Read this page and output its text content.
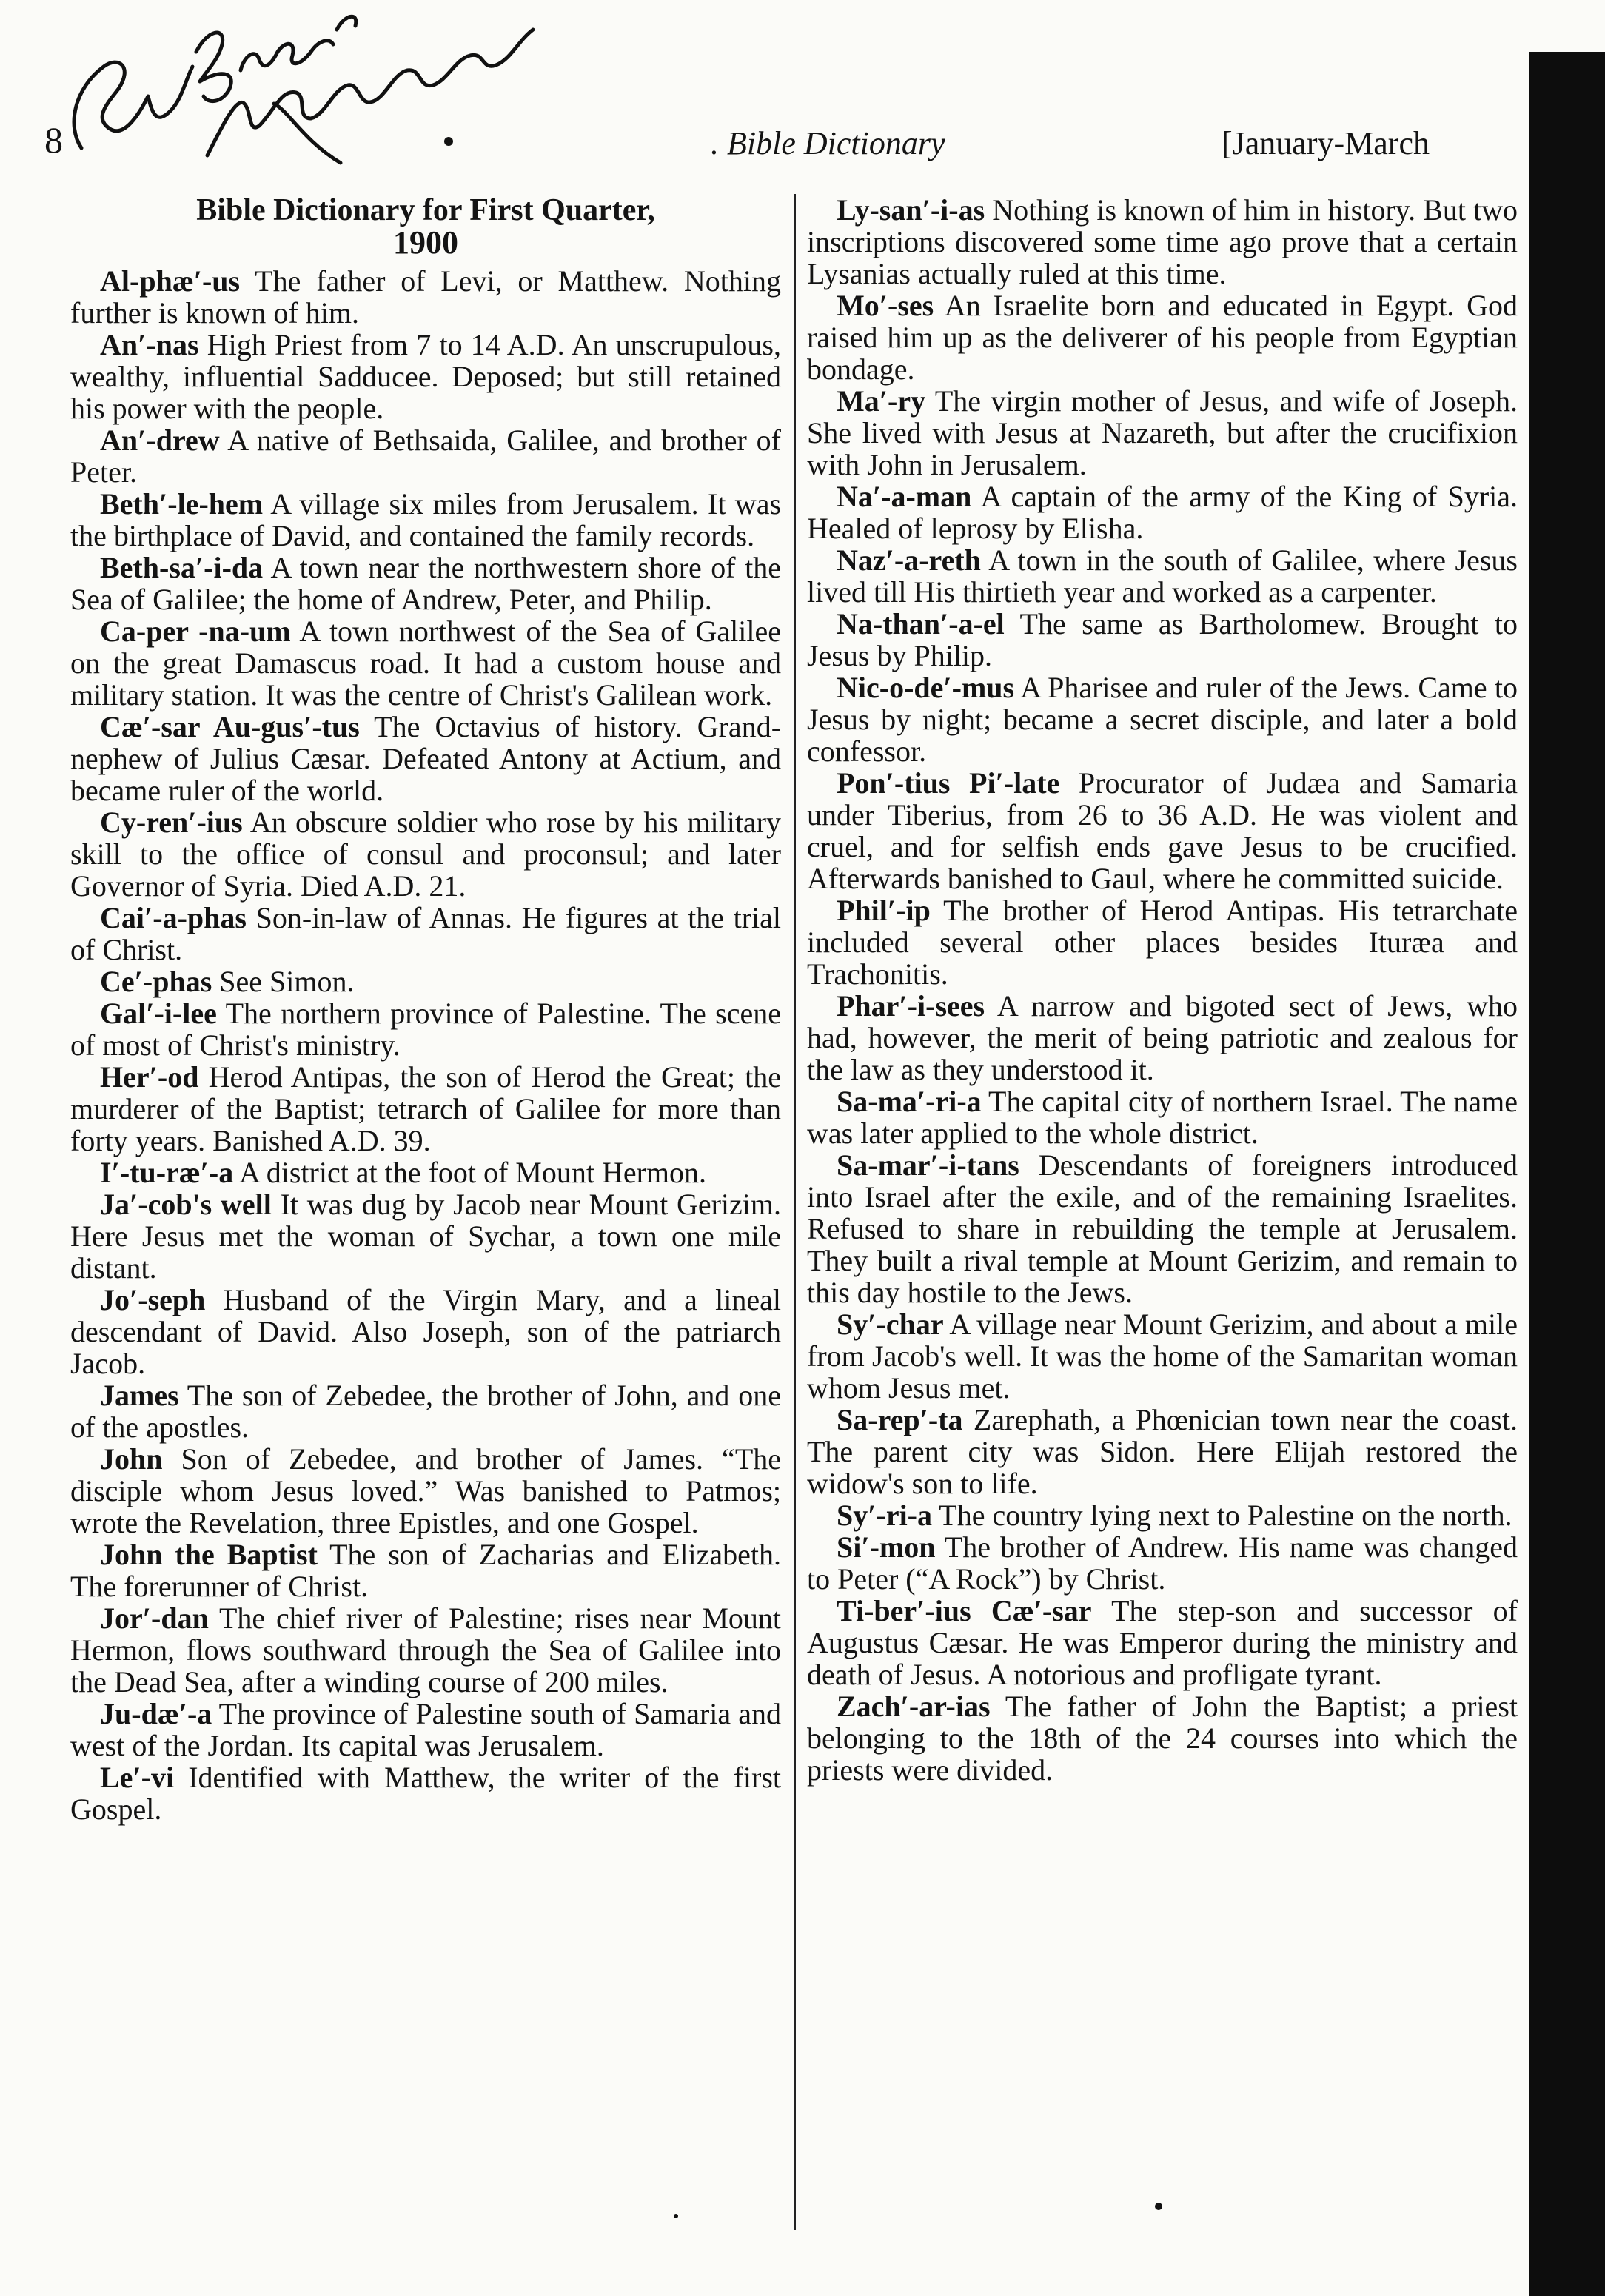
8	. Bible Dictionary	[January-March

Bible Dictionary for First Quarter,
1900

Al-phæ′-us The father of Levi, or Matthew. Nothing further is known of him.

An′-nas High Priest from 7 to 14 A.D. An unscrupulous, wealthy, influential Sadducee. Deposed; but still retained his power with the people.

An′-drew A native of Bethsaida, Galilee, and brother of Peter.

Beth′-le-hem A village six miles from Jerusalem. It was the birthplace of David, and contained the family records.

Beth-sa′-i-da A town near the northwestern shore of the Sea of Galilee; the home of Andrew, Peter, and Philip.

Ca-per -na-um A town northwest of the Sea of Galilee on the great Damascus road. It had a custom house and military station. It was the centre of Christ's Galilean work.

Cæ′-sar Au-gus′-tus The Octavius of history. Grand-nephew of Julius Cæsar. Defeated Antony at Actium, and became ruler of the world.

Cy-ren′-ius An obscure soldier who rose by his military skill to the office of consul and proconsul; and later Governor of Syria. Died A.D. 21.

Cai′-a-phas Son-in-law of Annas. He figures at the trial of Christ.

Ce′-phas See Simon.

Gal′-i-lee The northern province of Palestine. The scene of most of Christ's ministry.

Her′-od Herod Antipas, the son of Herod the Great; the murderer of the Baptist; tetrarch of Galilee for more than forty years. Banished A.D. 39.

I′-tu-ræ′-a A district at the foot of Mount Hermon.

Ja′-cob's well It was dug by Jacob near Mount Gerizim. Here Jesus met the woman of Sychar, a town one mile distant.

Jo′-seph Husband of the Virgin Mary, and a lineal descendant of David. Also Joseph, son of the patriarch Jacob.

James The son of Zebedee, the brother of John, and one of the apostles.

John Son of Zebedee, and brother of James. “The disciple whom Jesus loved.” Was banished to Patmos; wrote the Revelation, three Epistles, and one Gospel.

John the Baptist The son of Zacharias and Elizabeth. The forerunner of Christ.

Jor′-dan The chief river of Palestine; rises near Mount Hermon, flows southward through the Sea of Galilee into the Dead Sea, after a winding course of 200 miles.

Ju-dæ′-a The province of Palestine south of Samaria and west of the Jordan. Its capital was Jerusalem.

Le′-vi Identified with Matthew, the writer of the first Gospel.

Ly-san′-i-as Nothing is known of him in history. But two inscriptions discovered some time ago prove that a certain Lysanias actually ruled at this time.

Mo′-ses An Israelite born and educated in Egypt. God raised him up as the deliverer of his people from Egyptian bondage.

Ma′-ry The virgin mother of Jesus, and wife of Joseph. She lived with Jesus at Nazareth, but after the crucifixion with John in Jerusalem.

Na′-a-man A captain of the army of the King of Syria. Healed of leprosy by Elisha.

Naz′-a-reth A town in the south of Galilee, where Jesus lived till His thirtieth year and worked as a carpenter.

Na-than′-a-el The same as Bartholomew. Brought to Jesus by Philip.

Nic-o-de′-mus A Pharisee and ruler of the Jews. Came to Jesus by night; became a secret disciple, and later a bold confessor.

Pon′-tius Pi′-late Procurator of Judæa and Samaria under Tiberius, from 26 to 36 A.D. He was violent and cruel, and for selfish ends gave Jesus to be crucified. Afterwards banished to Gaul, where he committed suicide.

Phil′-ip The brother of Herod Antipas. His tetrarchate included several other places besides Ituræa and Trachonitis.

Phar′-i-sees A narrow and bigoted sect of Jews, who had, however, the merit of being patriotic and zealous for the law as they understood it.

Sa-ma′-ri-a The capital city of northern Israel. The name was later applied to the whole district.

Sa-mar′-i-tans Descendants of foreigners introduced into Israel after the exile, and of the remaining Israelites. Refused to share in rebuilding the temple at Jerusalem. They built a rival temple at Mount Gerizim, and remain to this day hostile to the Jews.

Sy′-char A village near Mount Gerizim, and about a mile from Jacob's well. It was the home of the Samaritan woman whom Jesus met.

Sa-rep′-ta Zarephath, a Phœnician town near the coast. The parent city was Sidon. Here Elijah restored the widow's son to life.

Sy′-ri-a The country lying next to Palestine on the north.

Si′-mon The brother of Andrew. His name was changed to Peter (“A Rock”) by Christ.

Ti-ber′-ius Cæ′-sar The step-son and successor of Augustus Cæsar. He was Emperor during the ministry and death of Jesus. A notorious and profligate tyrant.

Zach′-ar-ias The father of John the Baptist; a priest belonging to the 18th of the 24 courses into which the priests were divided.
